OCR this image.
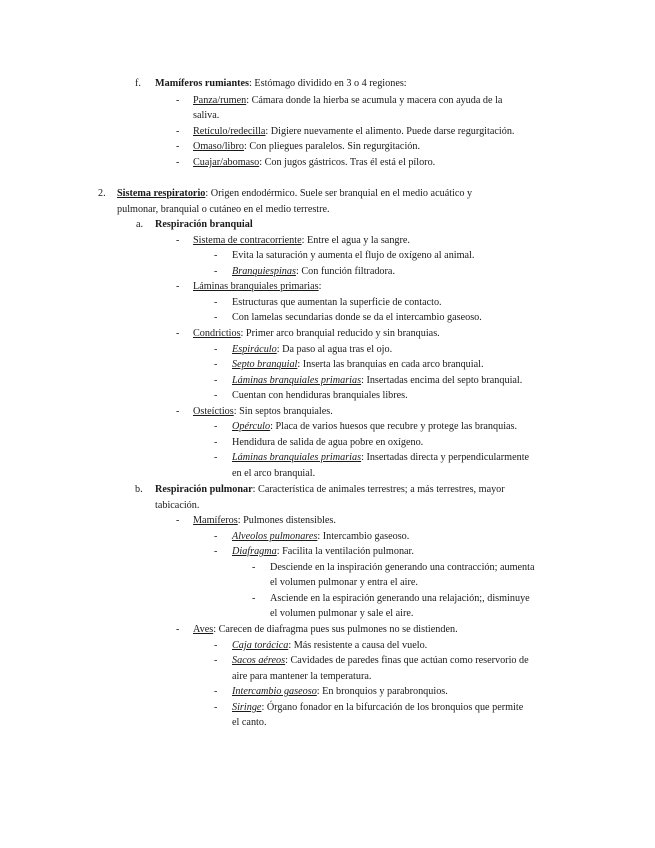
f. Mamíferos rumiantes: Estómago dividido en 3 o 4 regiones:
- Panza/rumen: Cámara donde la hierba se acumula y macera con ayuda de la
saliva.
- Retículo/redecilla: Digiere nuevamente el alimento. Puede darse regurgitación.
- Omaso/libro: Con pliegues paralelos. Sin regurgitación.
- Cuajar/abomaso: Con jugos gástricos. Tras él está el píloro.
2. Sistema respiratorio: Origen endodérmico. Suele ser branquial en el medio acuático y
pulmonar, branquial o cutáneo en el medio terrestre.
a. Respiración branquial
- Sistema de contracorriente: Entre el agua y la sangre.
- Evita la saturación y aumenta el flujo de oxígeno al animal.
- Branquiespinas: Con función filtradora.
- Láminas branquiales primarias:
- Estructuras que aumentan la superficie de contacto.
- Con lamelas secundarias donde se da el intercambio gaseoso.
- Condrictios: Primer arco branquial reducido y sin branquias.
- Espiráculo: Da paso al agua tras el ojo.
- Septo branquial: Inserta las branquias en cada arco branquial.
- Láminas branquiales primarias: Insertadas encima del septo branquial.
- Cuentan con hendiduras branquiales libres.
- Osteíctios: Sin septos branquiales.
- Opérculo: Placa de varios huesos que recubre y protege las branquias.
- Hendidura de salida de agua pobre en oxígeno.
- Láminas branquiales primarias: Insertadas directa y perpendicularmente
en el arco branquial.
b. Respiración pulmonar: Característica de animales terrestres; a más terrestres, mayor
tabicación.
- Mamíferos: Pulmones distensibles.
- Alveolos pulmonares: Intercambio gaseoso.
- Diafragma: Facilita la ventilación pulmonar.
- Desciende en la inspiración generando una contracción; aumenta
el volumen pulmonar y entra el aire.
- Asciende en la espiración generando una relajación;, disminuye
el volumen pulmonar y sale el aire.
- Aves: Carecen de diafragma pues sus pulmones no se distienden.
- Caja torácica: Más resistente a causa del vuelo.
- Sacos aéreos: Cavidades de paredes finas que actúan como reservorio de
aire para mantener la temperatura.
- Intercambio gaseoso: En bronquios y parabronquios.
- Siringe: Órgano fonador en la bifurcación de los bronquios que permite
el canto.
